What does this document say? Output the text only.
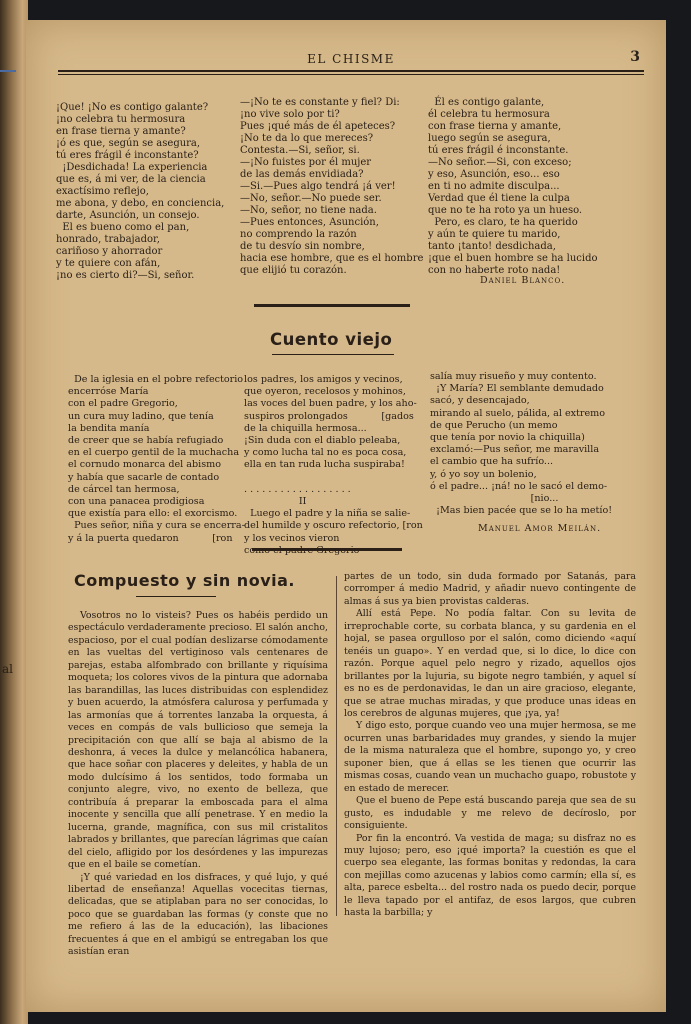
al
EL CHISME	3

¡Que! ¡No es contigo galante?

¡no celebra tu hermosura

en frase tierna y amante?

¡ó es que, según se asegura,

tú eres frágil é inconstante?

¡Desdichada! La experiencia

que es, á mi ver, de la ciencia

exactísimo reflejo,

me abona, y debo, en conciencia,

darte, Asunción, un consejo.

El es bueno como el pan,

honrado, trabajador,

cariñoso y ahorrador

y te quiere con afán,

¡no es cierto di?—Si, señor.

—¡No te es constante y fiel? Di:

¡no vive solo por ti?

Pues ¡qué más de él apeteces?

¡No te da lo que mereces?

Contesta.—Si, señor, si.

—¡No fuistes por él mujer

de las demás envidiada?

—Si.—Pues algo tendrá ¡á ver!

—No, señor.—No puede ser.

—No, señor, no tiene nada.

—Pues entonces, Asunción,

no comprendo la razón

de tu desvío sin nombre,

hacia ese hombre, que es el hombre

que elijió tu corazón.

Él es contigo galante,

él celebra tu hermosura

con frase tierna y amante,

luego según se asegura,

tú eres frágil é inconstante.

—No señor.—Si, con exceso;

y eso, Asunción, eso... eso

en ti no admite disculpa...

Verdad que él tiene la culpa

que no te ha roto ya un hueso.

Pero, es claro, te ha querido

y aún te quiere tu marido,

tanto ¡tanto! desdichada,

¡que el buen hombre se ha lucido

con no haberte roto nada!

Daniel Blanco.
Cuento viejo

De la iglesia en el pobre refectorio

encerróse María

con el padre Gregorio,

un cura muy ladino, que tenía

la bendita manía

de creer que se había refugiado

en el cuerpo gentil de la muchacha

el cornudo monarca del abismo

y había que sacarle de contado

de cárcel tan hermosa,

con una panacea prodigiosa

que existía para ello: el exorcismo.

Pues señor, niña y cura se encerra-

y á la puerta quedaron           [ron

los padres, los amigos y vecinos,

que oyeron, recelosos y mohinos,

las voces del buen padre, y los aho-

suspiros prolongados           [gados

de la chiquilla hermosa...

¡Sin duda con el diablo peleaba,

y como lucha tal no es poca cosa,

ella en tan ruda lucha suspiraba!

. . . . . . . . . . . . . . . . . .

II

Luego el padre y la niña se salie-

del humilde y oscuro refectorio, [ron

y los vecinos vieron

como el padre Gregorio

salía muy risueño y muy contento.

¡Y María? El semblante demudado

sacó, y desencajado,

mirando al suelo, pálida, al extremo

de que Perucho (un memo

que tenía por novio la chiquilla)

exclamó:—Pus señor, me maravilla

el cambio que ha sufrío...

y, ó yo soy un bolenio,

ó el padre... ¡ná! no le sacó el demo-

[nio...

¡Mas bien pacée que se lo ha metío!

Manuel Amor Meilán.
Compuesto y sin novia.

Vosotros no lo visteis? Pues os habéis perdido un espectáculo verdaderamente precioso. El salón ancho, espacioso, por el cual podían deslizarse cómodamente en las vueltas del vertiginoso vals centenares de parejas, estaba alfombrado con brillante y riquísima moqueta; los colores vivos de la pintura que adornaba las barandillas, las luces distribuidas con esplendidez y buen acuerdo, la atmósfera calurosa y perfumada y las armonías que á torrentes lanzaba la orquesta, á veces en compás de vals bullicioso que semeja la precipitación con que allí se baja al abismo de la deshonra, á veces la dulce y melancólica habanera, que hace soñar con placeres y deleites, y habla de un modo dulcísimo á los sentidos, todo formaba un conjunto alegre, vivo, no exento de belleza, que contribuía á preparar la emboscada para el alma inocente y sencilla que allí penetrase. Y en medio la lucerna, grande, magnífica, con sus mil cristalitos labrados y brillantes, que parecían lágrimas que caían del cielo, afligido por los desórdenes y las impurezas que en el baile se cometían.

¡Y qué variedad en los disfraces, y qué lujo, y qué libertad de enseñanza! Aquellas vocecitas tiernas, delicadas, que se atiplaban para no ser conocidas, lo poco que se guardaban las formas (y conste que no me refiero á las de la educación), las libaciones frecuentes á que en el ambigú se entregaban los que asistían eran

partes de un todo, sin duda formado por Satanás, para corromper á medio Madrid, y añadir nuevo contingente de almas á sus ya bien provistas calderas.

Allí está Pepe. No podía faltar. Con su levita de irreprochable corte, su corbata blanca, y su gardenia en el hojal, se pasea orgulloso por el salón, como diciendo «aquí tenéis un guapo». Y en verdad que, si lo dice, lo dice con razón. Porque aquel pelo negro y rizado, aquellos ojos brillantes por la lujuria, su bigote negro también, y aquel sí es no es de perdonavidas, le dan un aire gracioso, elegante, que se atrae muchas miradas, y que produce unas ideas en los cerebros de algunas mujeres, que ¡ya, ya!

Y digo esto, porque cuando veo una mujer hermosa, se me ocurren unas barbaridades muy grandes, y siendo la mujer de la misma naturaleza que el hombre, supongo yo, y creo suponer bien, que á ellas se les tienen que ocurrir las mismas cosas, cuando vean un muchacho guapo, robustote y en estado de merecer.

Que el bueno de Pepe está buscando pareja que sea de su gusto, es indudable y me relevo de decíroslo, por consiguiente.

Por fin la encontró. Va vestida de maga; su disfraz no es muy lujoso; pero, eso ¡qué importa? la cuestión es que el cuerpo sea elegante, las formas bonitas y redondas, la cara con mejillas como azucenas y labios como carmín; ella sí, es alta, parece esbelta... del rostro nada os puedo decir, porque le lleva tapado por el antifaz, de esos largos, que cubren hasta la barbilla; y
